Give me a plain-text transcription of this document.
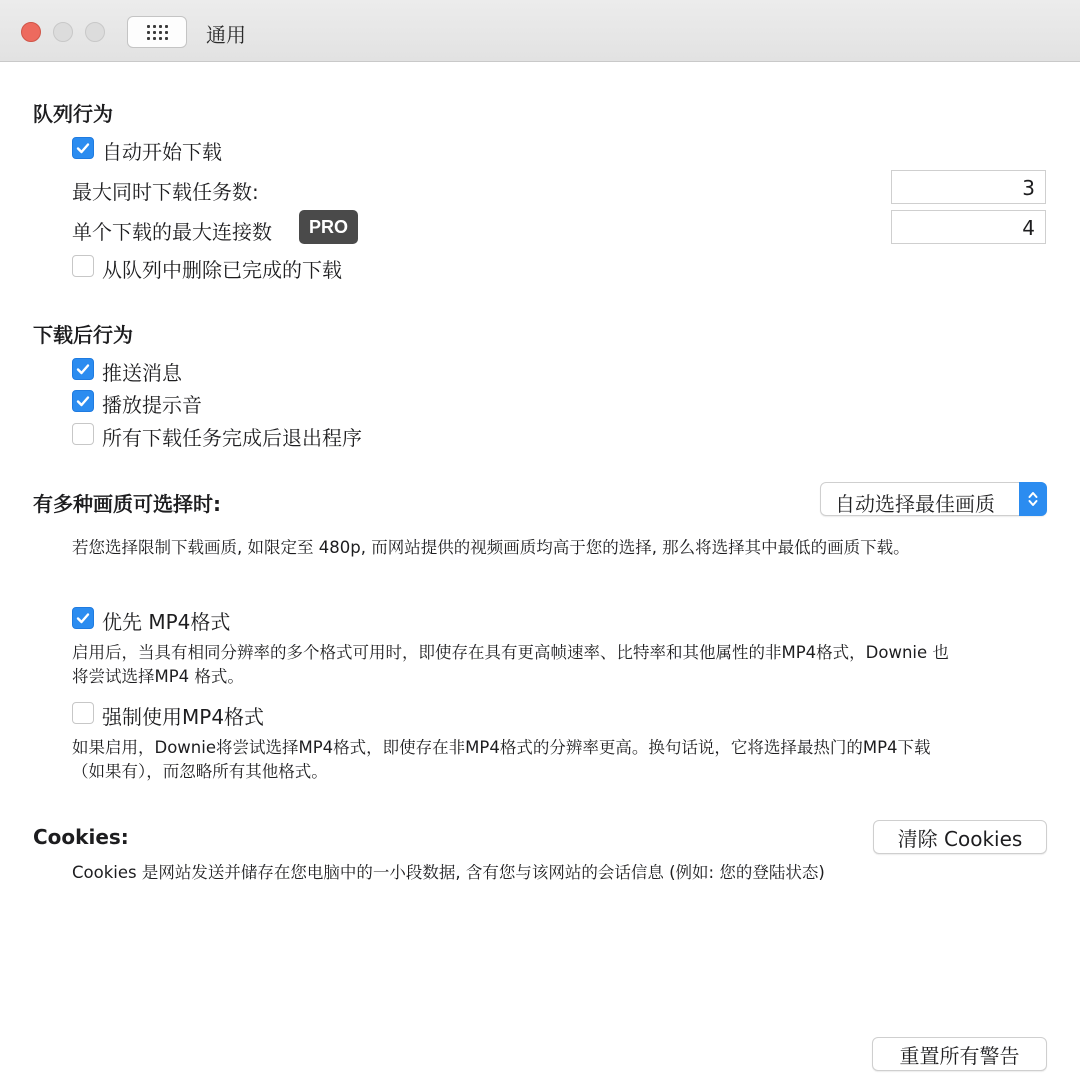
通用
队列行为
自动开始下载
最大同时下载任务数:	3
单个下载的最大连接数	PRO	4
从队列中删除已完成的下载
下载后行为
推送消息
播放提示音
所有下载任务完成后退出程序
有多种画质可选择时:	自动选择最佳画质
若您选择限制下载画质, 如限定至 480p, 而网站提供的视频画质均高于您的选择, 那么将选择其中最低的画质下载。
优先 MP4格式
启用后，当具有相同分辨率的多个格式可用时，即使存在具有更高帧速率、比特率和其他属性的非MP4格式，Downie 也
将尝试选择MP4 格式。
强制使用MP4格式
如果启用，Downie将尝试选择MP4格式，即使存在非MP4格式的分辨率更高。换句话说，它将选择最热门的MP4下载
（如果有），而忽略所有其他格式。
Cookies:	清除 Cookies
Cookies 是网站发送并储存在您电脑中的一小段数据, 含有您与该网站的会话信息 (例如: 您的登陆状态)
重置所有警告
